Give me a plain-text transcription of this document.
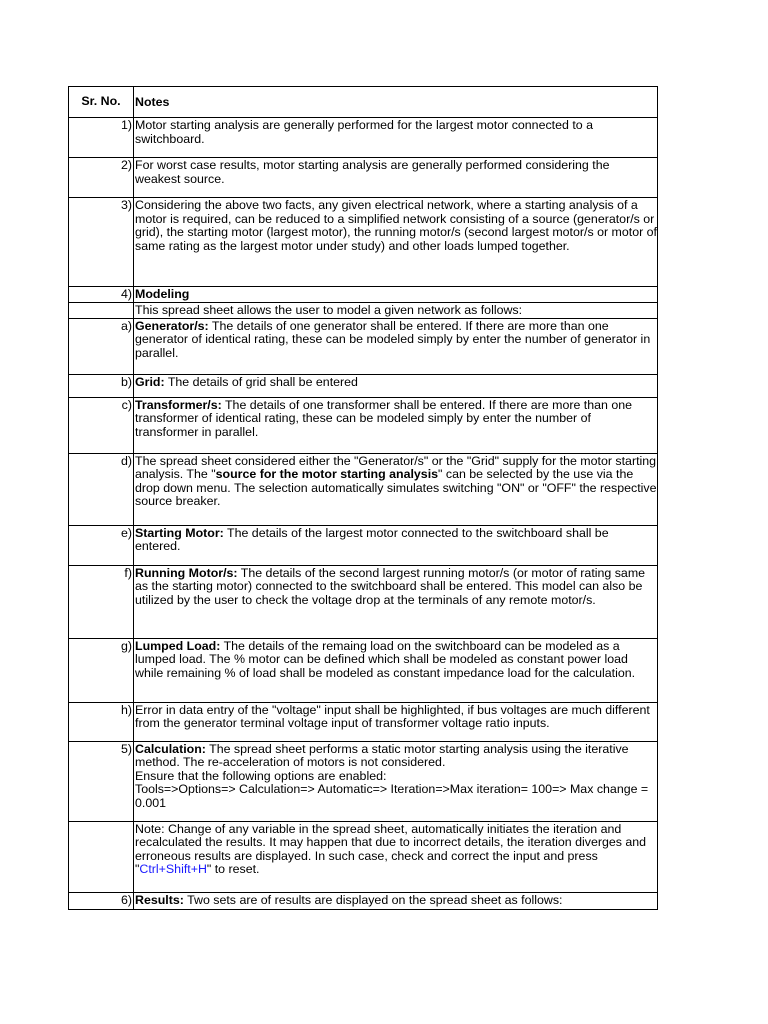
Sr. No.	Notes
1)	Motor starting analysis are generally performed for the largest motor connected to a switchboard.
2)	For worst case results, motor starting analysis are generally performed considering the weakest source.
3)	Considering the above two facts, any given electrical network, where a starting analysis of a motor is required, can be reduced to a simplified network consisting of a source (generator/s or grid), the starting motor (largest motor), the running motor/s (second largest motor/s or motor of same rating as the largest motor under study) and other loads lumped together.
4)	Modeling
	This spread sheet allows the user to model a given network as follows:
a)	Generator/s: The details of one generator shall be entered. If there are more than one generator of identical rating, these can be modeled simply by enter the number of generator in parallel.
b)	Grid: The details of grid shall be entered
c)	Transformer/s: The details of one transformer shall be entered. If there are more than one transformer of identical rating, these can be modeled simply by enter the number of transformer in parallel.
d)	The spread sheet considered either the "Generator/s" or the "Grid" supply for the motor starting analysis. The "source for the motor starting analysis" can be selected by the use via the drop down menu. The selection automatically simulates switching "ON" or "OFF" the respective source breaker.
e)	Starting Motor: The details of the largest motor connected to the switchboard shall be entered.
f)	Running Motor/s: The details of the second largest running motor/s (or motor of rating same as the starting motor) connected to the switchboard shall be entered. This model can also be utilized by the user to check the voltage drop at the terminals of any remote motor/s.
g)	Lumped Load: The details of the remaing load on the switchboard can be modeled as a lumped load. The % motor can be defined which shall be modeled as constant power load while remaining % of load shall be modeled as constant impedance load for the calculation.
h)	Error in data entry of the "voltage" input shall be highlighted, if bus voltages are much different from the generator terminal voltage input of transformer voltage ratio inputs.
5)	Calculation: The spread sheet performs a static motor starting analysis using the iterative method. The re-acceleration of motors is not considered.

Ensure that the following options are enabled:

Tools=>Options=> Calculation=> Automatic=> Iteration=>Max iteration= 100=> Max change = 0.001

	Note: Change of any variable in the spread sheet, automatically initiates the iteration and recalculated the results. It may happen that due to incorrect details, the iteration diverges and erroneous results are displayed. In such case, check and correct the input and press "Ctrl+Shift+H" to reset.
6)	Results: Two sets are of results are displayed on the spread sheet as follows:
